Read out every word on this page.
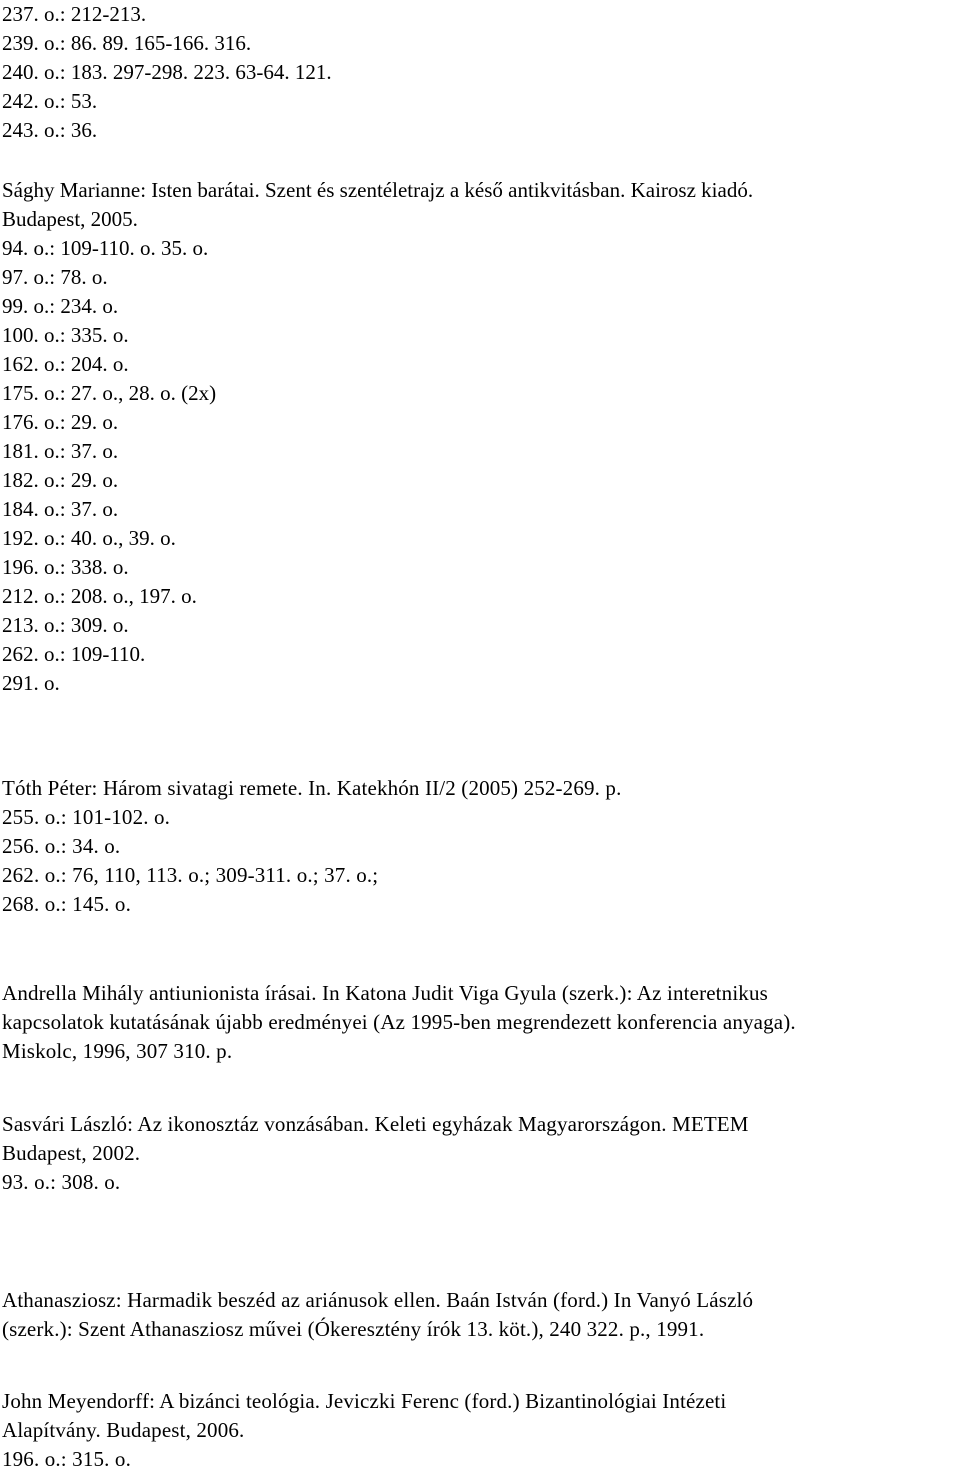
237. o.: 212-213.
239. o.: 86. 89. 165-166. 316.
240. o.: 183. 297-298. 223. 63-64. 121.
242. o.: 53.
243. o.: 36.
Sághy Marianne: Isten barátai. Szent és szentéletrajz a késő antikvitásban. Kairosz kiadó.
Budapest, 2005.
94. o.: 109-110. o. 35. o.
97. o.: 78. o.
99. o.: 234. o.
100. o.: 335. o.
162. o.: 204. o.
175. o.: 27. o., 28. o. (2x)
176. o.: 29. o.
181. o.: 37. o.
182. o.: 29. o.
184. o.: 37. o.
192. o.: 40. o., 39. o.
196. o.: 338. o.
212. o.: 208. o., 197. o.
213. o.: 309. o.
262. o.: 109-110.
291. o.
Tóth Péter: Három sivatagi remete. In. Katekhón II/2 (2005) 252-269. p.
255. o.: 101-102. o.
256. o.: 34. o.
262. o.: 76, 110, 113. o.; 309-311. o.; 37. o.;
268. o.: 145. o.
Andrella Mihály antiunionista írásai. In Katona Judit Viga Gyula (szerk.): Az interetnikus
kapcsolatok kutatásának újabb eredményei (Az 1995-ben megrendezett konferencia anyaga).
Miskolc, 1996, 307 310. p.
Sasvári László: Az ikonosztáz vonzásában. Keleti egyházak Magyarországon. METEM
Budapest, 2002.
93. o.: 308. o.
Athanasziosz: Harmadik beszéd az ariánusok ellen. Baán István (ford.) In Vanyó László
(szerk.): Szent Athanasziosz művei (Ókeresztény írók 13. köt.), 240 322. p., 1991.
John Meyendorff: A bizánci teológia. Jeviczki Ferenc (ford.) Bizantinológiai Intézeti
Alapítvány. Budapest, 2006.
196. o.: 315. o.
